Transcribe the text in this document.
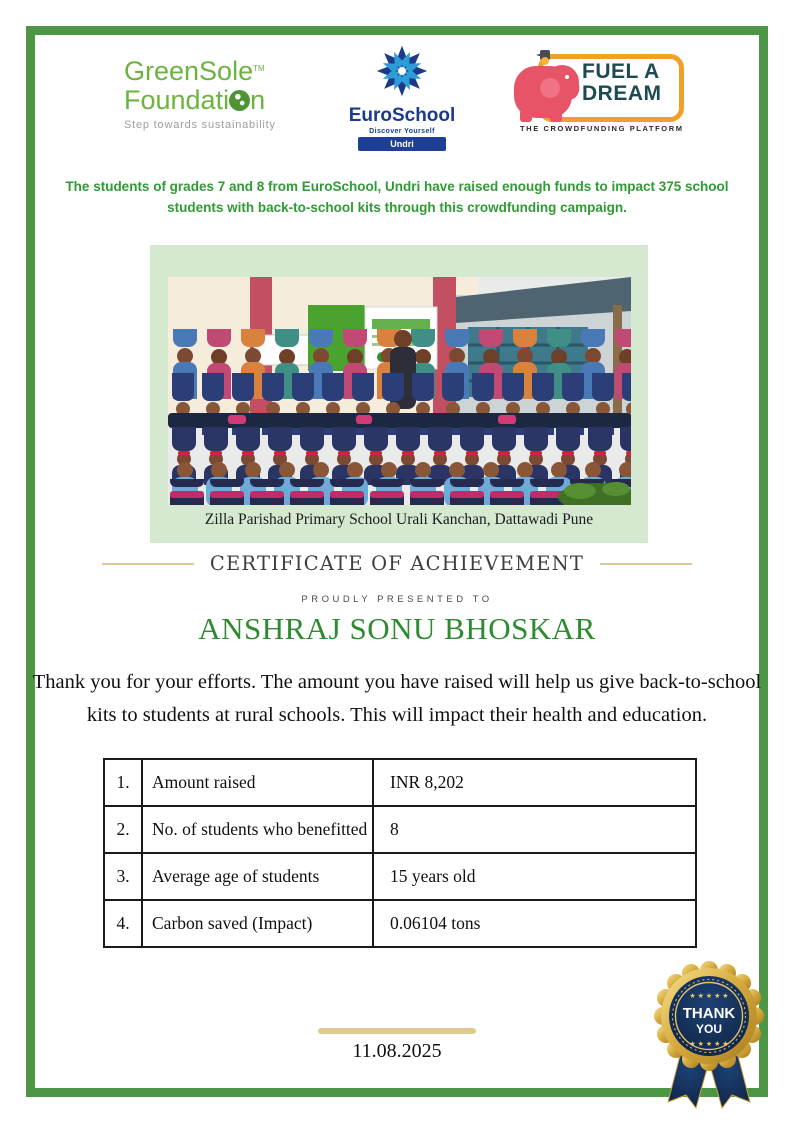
GreenSole™
Foundati n
Step towards sustainability	EuroSchool
Discover Yourself
Undri
FUEL A
DREAM
THE CROWDFUNDING PLATFORM
The students of grades 7 and 8 from EuroSchool, Undri have raised enough funds to impact 375 school students with back-to-school kits through this crowdfunding campaign.
Zilla Parishad Primary School Urali Kanchan, Dattawadi Pune
CERTIFICATE OF ACHIEVEMENT
PROUDLY PRESENTED TO
ANSHRAJ SONU BHOSKAR
Thank you for your efforts. The amount you have raised will help us give back-to-school kits to students at rural schools. This will impact their health and education.
1.	Amount raised	INR 8,202
2.	No. of students who benefitted	8
3.	Average age of students	15 years old
4.	Carbon saved (Impact)	0.06104 tons
★ ★ ★ ★ ★
THANK
YOU
★ ★ ★ ★ ★
11.08.2025
